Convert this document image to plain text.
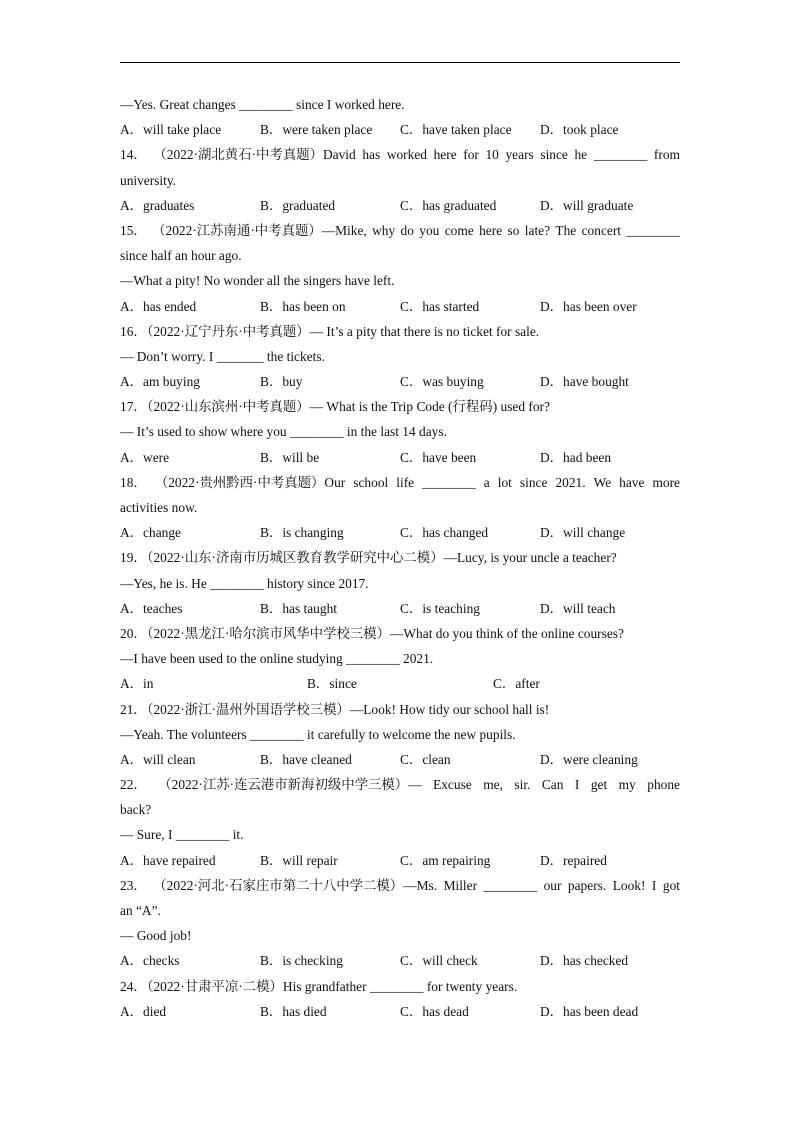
—Yes. Great changes ________ since I worked here.
A．will take place	B．were taken place C．have taken place D．took place
14． （2022·湖北黄石·中考真题）David has worked here for 10 years since he ________ from
university.
A．graduates	B．graduated	C．has graduated	D．will graduate
15． （2022·江苏南通·中考真题）—Mike, why do you come here so late? The concert ________
since half an hour ago.
—What a pity! No wonder all the singers have left.
A．has ended	B．has been on	C．has started	D．has been over
16．（2022·辽宁丹东·中考真题）— It’s a pity that there is no ticket for sale.
— Don’t worry. I _______ the tickets.
A．am buying	B．buy	C．was buying	D．have bought
17．（2022·山东滨州·中考真题）— What is the Trip Code (行程码) used for?
— It’s used to show where you ________ in the last 14 days.
A．were	B．will be	C．have been	D．had been
18． （2022·贵州黔西·中考真题）Our school life ________ a lot since 2021. We have more
activities now.
A．change	B．is changing	C．has changed	D．will change
19．（2022·山东·济南市历城区教育教学研究中心二模）—Lucy, is your uncle a teacher?
—Yes, he is. He ________ history since 2017.
A．teaches	B．has taught	C．is teaching	D．will teach
20．（2022·黑龙江·哈尔滨市风华中学校三模）—What do you think of the online courses?
—I have been used to the online studying ________ 2021.
A．in	B．since	C．after
21．（2022·浙江·温州外国语学校三模）—Look! How tidy our school hall is!
—Yeah. The volunteers ________ it carefully to welcome the new pupils.
A．will clean	B．have cleaned	C．clean	D．were cleaning
22． （2022·江苏·连云港市新海初级中学三模）— Excuse me, sir. Can I get my phone
back?
— Sure, I ________ it.
A．have repaired	B．will repair	C．am repairing	D．repaired
23． （2022·河北·石家庄市第二十八中学二模）—Ms. Miller ________ our papers. Look! I got
an “A”.
— Good job!
A．checks	B．is checking	C．will check	D．has checked
24．（2022·甘肃平凉·二模）His grandfather ________ for twenty years.
A．died	B．has died	C．has dead	D．has been dead
